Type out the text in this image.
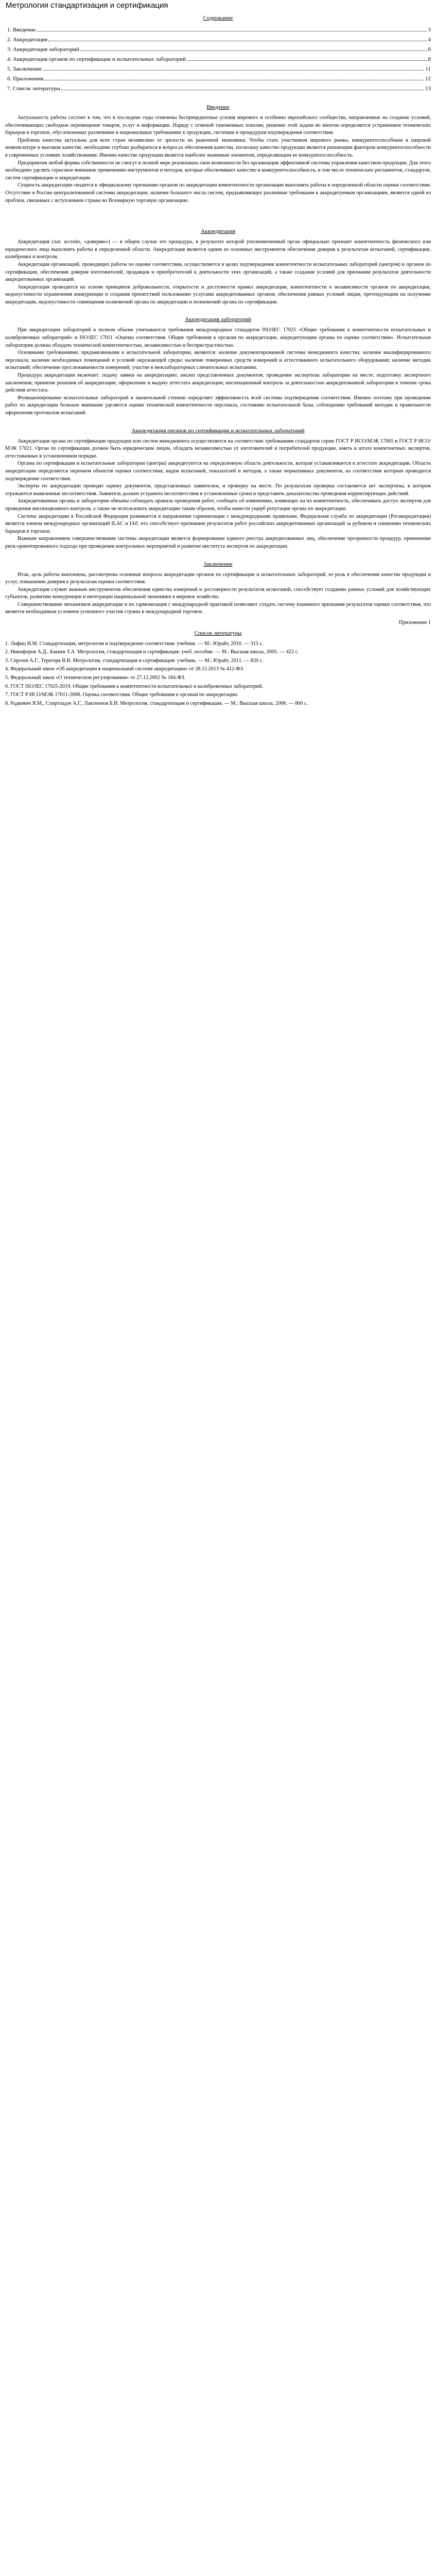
Метрология стандартизация и сертификация
Содержание
1. Введение	3
2. Аккредитация	4
3. Аккредитация лабораторий	6
4. Аккредитация органов по сертификации и испытательных лабораторий	8
5. Заключение	11
6. Приложения	12
7. Список литературы	13
Введение

Актуальность работы состоит в том, что в последние годы отмечены беспрецедентные усилия мирового и особенно европейского сообщества, направленные на создание условий, обеспечивающих свободное перемещение товаров, услуг и информации. Наряду с отменой таможенных пошлин, решение этой задачи во многом определяется устранением технических барьеров в торговле, обусловленных различиями в национальных требованиях к продукции, системам и процедурам подтверждения соответствия.

Проблема качества актуальна для всех стран независимо от зрелости их рыночной экономики. Чтобы стать участником мирового рынка, конкурентоспособным в широкой номенклатуре и высоком качестве, необходимо глубоко разбираться в вопросах обеспечения качества, поскольку качество продукции является решающим фактором конкурентоспособности в современных условиях хозяйствования. Именно качество продукции является наиболее значимым элементом, определяющим ее конкурентоспособность.

Предприятия любой формы собственности не смогут в полной мере реализовать свои возможности без организации эффективной системы управления качеством продукции. Для этого необходимо уделять серьезное внимание применению инструментов и методов, которые обеспечивают качество и конкурентоспособность, в том числе технических регламентов, стандартов, систем сертификации и аккредитации.

Сущность аккредитации сводится к официальному признанию органом по аккредитации компетентности организации выполнять работы в определенной области оценки соответствия. Отсутствие в России централизованной системы аккредитации, наличие большого числа систем, предъявляющих различные требования к аккредитуемым организациям, является одной из проблем, связанных с вступлением страны во Всемирную торговую организацию.

Аккредитация

Аккредитация (лат. accredo, «доверяю») — в общем случае это процедура, в результате которой уполномоченный орган официально признает компетентность физического или юридического лица выполнять работы в определенной области. Аккредитация является одним из основных инструментов обеспечения доверия к результатам испытаний, сертификации, калибровки и контроля.

Аккредитация организаций, проводящих работы по оценке соответствия, осуществляется в целях подтверждения компетентности испытательных лабораторий (центров) и органов по сертификации, обеспечения доверия изготовителей, продавцов и приобретателей к деятельности этих организаций, а также создания условий для признания результатов деятельности аккредитованных организаций.

Аккредитация проводится на основе принципов добровольности, открытости и доступности правил аккредитации, компетентности и независимости органов по аккредитации, недопустимости ограничения конкуренции и создания препятствий пользованию услугами аккредитованных органов, обеспечения равных условий лицам, претендующим на получение аккредитации, недопустимости совмещения полномочий органа по аккредитации и полномочий органа по сертификации.

Аккредитация лабораторий

При аккредитации лабораторий в полном объеме учитываются требования международных стандартов ISO/IEC 17025 «Общие требования к компетентности испытательных и калибровочных лабораторий» и ISO/IEC 17011 «Оценка соответствия. Общие требования к органам по аккредитации, аккредитующим органы по оценке соответствия». Испытательная лаборатория должна обладать технической компетентностью, независимостью и беспристрастностью.

Основными требованиями, предъявляемыми к испытательной лаборатории, являются: наличие документированной системы менеджмента качества; наличие квалифицированного персонала; наличие необходимых помещений и условий окружающей среды; наличие поверенных средств измерений и аттестованного испытательного оборудования; наличие методик испытаний; обеспечение прослеживаемости измерений; участие в межлабораторных сличительных испытаниях.

Процедура аккредитации включает: подачу заявки на аккредитацию; анализ представленных документов; проведение экспертизы лаборатории на месте; подготовку экспертного заключения; принятие решения об аккредитации; оформление и выдачу аттестата аккредитации; инспекционный контроль за деятельностью аккредитованной лаборатории в течение срока действия аттестата.

Функционирование испытательных лабораторий в значительной степени определяет эффективность всей системы подтверждения соответствия. Именно поэтому при проведении работ по аккредитации большое внимание уделяется оценке технической компетентности персонала, состоянию испытательной базы, соблюдению требований методик и правильности оформления протоколов испытаний.

Аккредитация органов по сертификации и испытательных лабораторий

Аккредитация органа по сертификации продукции или систем менеджмента осуществляется на соответствие требованиям стандартов серии ГОСТ Р ИСО/МЭК 17065 и ГОСТ Р ИСО/МЭК 17021. Орган по сертификации должен быть юридическим лицом, обладать независимостью от изготовителей и потребителей продукции, иметь в штате компетентных экспертов, аттестованных в установленном порядке.

Органы по сертификации и испытательные лаборатории (центры) аккредитуются на определенную область деятельности, которая устанавливается в аттестате аккредитации. Область аккредитации определяется перечнем объектов оценки соответствия, видов испытаний, показателей и методов, а также нормативных документов, на соответствие которым проводится подтверждение соответствия.

Эксперты по аккредитации проводят оценку документов, представленных заявителем, и проверку на месте. По результатам проверки составляется акт экспертизы, в котором отражаются выявленные несоответствия. Заявитель должен устранить несоответствия в установленные сроки и представить доказательства проведения корректирующих действий.

Аккредитованные органы и лаборатории обязаны соблюдать правила проведения работ, сообщать об изменениях, влияющих на их компетентность, обеспечивать доступ экспертов для проведения инспекционного контроля, а также не использовать аккредитацию таким образом, чтобы нанести ущерб репутации органа по аккредитации.

Система аккредитации в Российской Федерации развивается в направлении гармонизации с международными правилами. Федеральная служба по аккредитации (Росаккредитация) является членом международных организаций ILAC и IAF, что способствует признанию результатов работ российских аккредитованных организаций за рубежом и снижению технических барьеров в торговле.

Важным направлением совершенствования системы аккредитации является формирование единого реестра аккредитованных лиц, обеспечение прозрачности процедур, применение риск-ориентированного подхода при проведении контрольных мероприятий и развитие института экспертов по аккредитации.

Заключение

Итак, цель работы выполнена, рассмотрены основные вопросы аккредитации органов по сертификации и испытательных лабораторий, ее роль в обеспечении качества продукции и услуг, повышении доверия к результатам оценки соответствия.

Аккредитация служит важным инструментом обеспечения единства измерений и достоверности результатов испытаний, способствует созданию равных условий для хозяйствующих субъектов, развитию конкуренции и интеграции национальной экономики в мировое хозяйство.

Совершенствование механизмов аккредитации и их гармонизация с международной практикой позволяют создать систему взаимного признания результатов оценки соответствия, что является необходимым условием успешного участия страны в международной торговле.

Приложение 1
Список литературы

1. Лифиц И.М. Стандартизация, метрология и подтверждение соответствия: учебник. — М.: Юрайт, 2010. — 315 с.

2. Никифоров А.Д., Бакиев Т.А. Метрология, стандартизация и сертификация: учеб. пособие. — М.: Высшая школа, 2005. — 422 с.

3. Сергеев А.Г., Терегеря В.В. Метрология, стандартизация и сертификация: учебник. — М.: Юрайт, 2011. — 820 с.

4. Федеральный закон «Об аккредитации в национальной системе аккредитации» от 28.12.2013 № 412-ФЗ.

5. Федеральный закон «О техническом регулировании» от 27.12.2002 № 184-ФЗ.

6. ГОСТ ISO/IEC 17025-2019. Общие требования к компетентности испытательных и калибровочных лабораторий.

7. ГОСТ Р ИСО/МЭК 17011-2008. Оценка соответствия. Общие требования к органам по аккредитации.

8. Радкевич Я.М., Схиртладзе А.Г., Лактионов Б.И. Метрология, стандартизация и сертификация. — М.: Высшая школа, 2006. — 800 с.
